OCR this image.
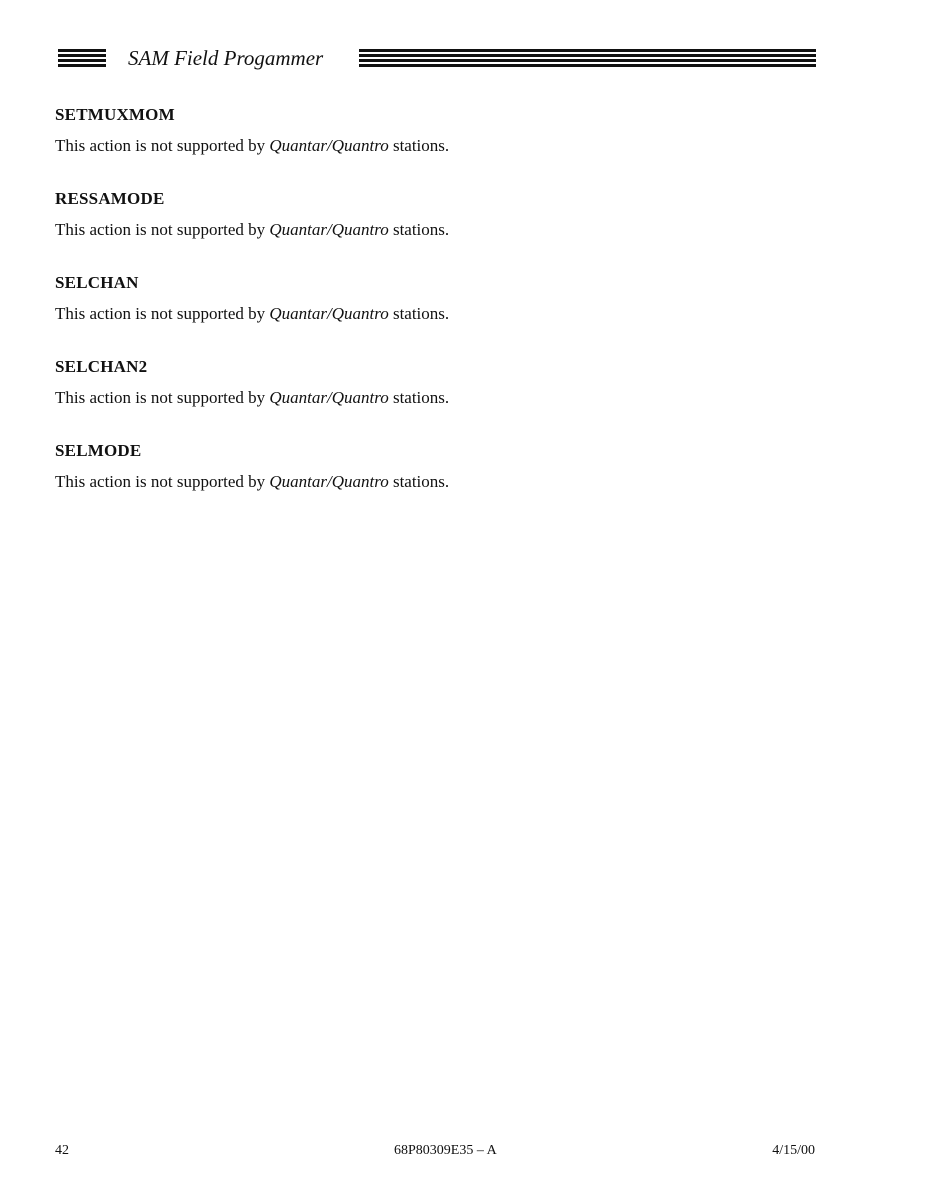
SAM Field Progammer
SETMUXMOM

This action is not supported by Quantar/Quantro stations.

RESSAMODE

This action is not supported by Quantar/Quantro stations.

SELCHAN

This action is not supported by Quantar/Quantro stations.

SELCHAN2

This action is not supported by Quantar/Quantro stations.

SELMODE

This action is not supported by Quantar/Quantro stations.

42	68P80309E35 – A	4/15/00
